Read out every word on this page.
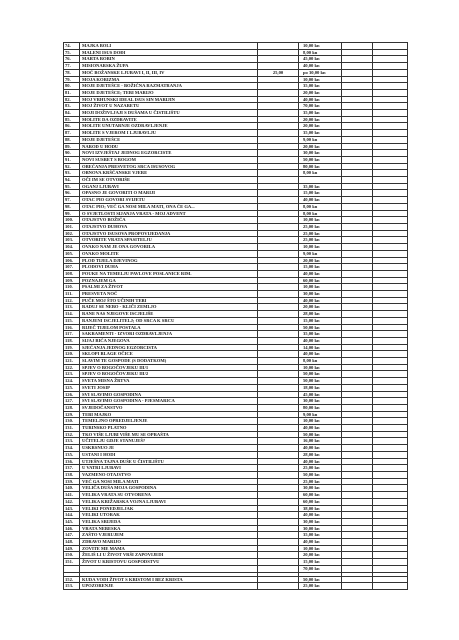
74.	MAJKA BOLI		10,00 kn		
75.	MALENI ISUS DOĐI		8,00 kn		
76.	MARTA ROBIN		45,00 kn		
77.	MISIONARSKA ŽUPA		40,00 kn		
78.	MOĆ BOŽANSKE LJUBAVI I, II, III, IV	25,00	po 30,00 kn		
79.	MOJA KORIZMA		10,00 kn		
80.	MOJE DJETEŠCE - BOŽIĆNA RAZMATRANJA		35,00 kn		
81.	MOJE DJETEŠCE; TEBI MARIJO		20,00 kn		
82.	MOJ VRHUNSKI IDEAL ISUS SIN MARIJIN		40,00 kn		
83.	MOJ ŽIVOT U NAZARETU		70,00 kn		
84.	MOJI DOŽIVLJAJI S DUŠAMA U ČISTILIŠTU		35,00 kn		
85.	MOLITE DA OZDRAVITE		20,00 kn		
86.	MOLITE UNUTARNJE OZDRAVLJENJE		20,00 kn		
87.	MOLITE S VJEROM I LJUBAVLJU		35,00 kn		
88.	MOJE DJETEŠCE		9,00 kn		
89.	NAROD U HODU		20,00 kn		
90.	NOVI IZVJEŠTAJ JEDNOG EGZORCISTE		30,00 kn		
91.	NOVI SUSRET S BOGOM		50,00 kn		
92.	OBEĆANJA PRESVETOG SRCA ISUSOVOG		80,00 kn		
93.	OBNOVA KRŠĆANSKE VJERE		8,00 kn		
94.	OČI IM SE OTVORIŠE				
95.	OGANJ LJUBAVI		35,00 kn		
96.	OPASNO JE GOVORITI O MARIJI		15,00 kn		
97.	OTAC PIO GOVORI SVIJETU		40,00 kn		
98.	OTAC PIO; VEĆ GA NOSI MILA MATI, ONA ĆE GA...		8,00 kn		
99.	O SVJETLOSTI SIJANJA VRATA - MOJ ADVENT		8,00 kn		
100.	OTAJSTVO BOŽIĆA		10,00 kn		
101.	OTAJSTVO DUHOVA		25,00 kn		
102.	OTAJSTVO ISUSOVA PROPOVIJEDANJA		25,00 kn		
103.	OTVORITE VRATA SPASITELJU		25,00 kn		
104.	OVAKO NAM JE ONA GOVORILA		10,00 kn		
105.	OVAKO MOLITE		9,00 kn		
106.	PLOD TIJELA DJEVINOG		20,00 kn		
107.	PLODOVI DUHA		15,00 kn		
108.	POUKE NA TEMELJU PAVLOVE POSLANICE RIM.		40,00 kn		
109.	POZNAJEM GA		60,00 kn		
110.	PSALMI ZA ŽIVOT		10,00 kn		
111.	PRESVETA NOĆ		30,00 kn		
112.	PUČE MOJ ŠTO UČINIH TEBI		40,00 kn		
113.	RADUJ SE NEBO - KLIČI ZEMLJO		20,00 kn		
114.	RANE NAS NJEGOVE ISCJELIŠE		28,00 kn		
115.	RANJENI ISCJELITELJ; OD SRCA K SRCU		15,00 kn		
116.	RIJEČ TIJELOM POSTALA		50,00 kn		
117.	SAKRAMENTI - IZVORI OZDRAVLJENJA		35,00 kn		
118.	SIJAJ BIĆA NJEGOVA		40,00 kn		
119.	SJEĆANJA JEDNOG EGZORCISTA		14,00 kn		
120.	SKLOPI BLAGE OČICE		40,00 kn		
121.	SLAVIM TE GOSPODE (S DODATKOM)		8,00 kn		
122.	SPJEV O BOGOČOVJEKU III/1		10,00 kn		
123.	SPJEV O BOGOČOVJEKU III/2		50,00 kn		
124.	SVETA MISNA ŽRTVA		50,00 kn		
125.	SVETI JOSIP		18,00 kn		
126.	SVI SLAVIMO GOSPODINA		45,00 kn		
127.	SVI SLAVIMO GOSPODINA - PJESMARICA		30,00 kn		
128.	SVJEDOČANSTVO		80,00 kn		
129.	TEBI MAJKO		9,00 kn		
130.	TEMELJNO OPREDJELJENJE		10,00 kn		
131.	TURINSKO PLATNO		40,00 kn		
132.	TKO VIŠE LJUBI VIŠE MU SE OPRAŠTA		50,00 kn		
133.	UČITELJU GDJE STANUJEŠ?		16,00 kn		
134.	USKRSNUO JE		40,00 kn		
135.	USTANI I HODI		28,00 kn		
136.	UTJEŠNA TAJNA DUŠE U ČISTILIŠTU		40,00 kn		
137.	U VATRI LJUBAVI		25,00 kn		
138.	VAZMENO OTAJSTVO		50,00 kn		
139.	VEĆ GA NOSI MILA MATI		25,00 kn		
140.	VELIČA DUŠA MOJA GOSPODINA		30,00 kn		
141.	VELIKA VRATA SU OTVORENA		60,00 kn		
142.	VELIKA KRIŽARSKA VOJNA LJUBAVI		60,00 kn		
143.	VELIKI PONEDJELJAK		38,00 kn		
144.	VELIKI UTORAK		40,00 kn		
145.	VELIKA SRIJEDA		30,00 kn		
146.	VRATA NEBESKA		30,00 kn		
147.	ZAŠTO VJERUJEM		35,00 kn		
148.	ZDRAVO MARIJO		40,00 kn		
149.	ZOVITE ME MAMA		10,00 kn		
150.	ŽELIŠ LI U ŽIVOT VRŠI ZAPOVIJEDI		20,00 kn		
151.	ŽIVOT U KRISTOVU GOSPODSTVU		15,00 kn		
			70,00 kn		

152.	KUDA VODI ŽIVOT S KRISTOM I BEZ KRISTA		50,00 kn		
153.	UPOZORENJE		25,00 kn		
